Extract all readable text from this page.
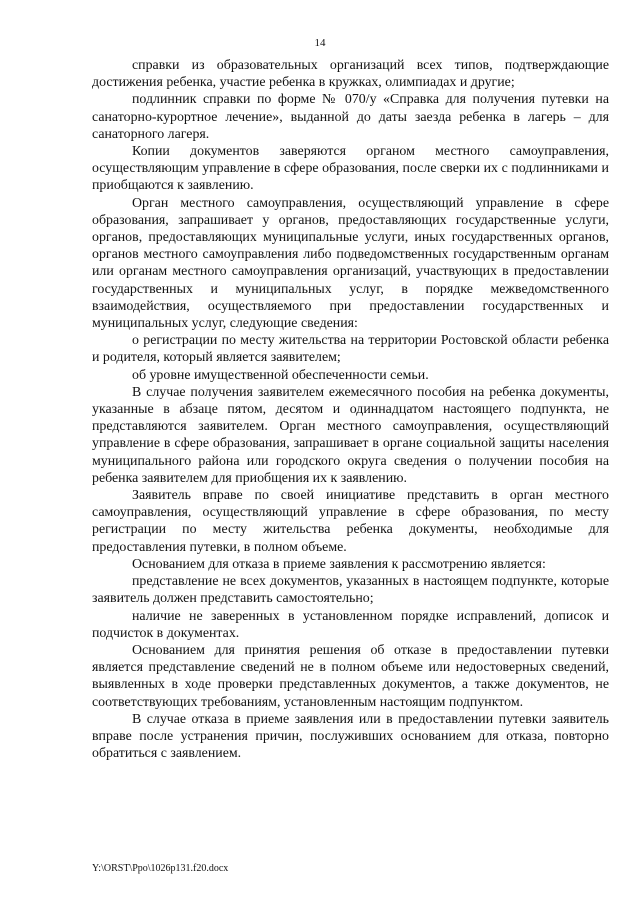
14

справки из образовательных организаций всех типов, подтверждающие достижения ребенка, участие ребенка в кружках, олимпиадах и другие;

подлинник справки по форме № 070/у «Справка для получения путевки на санаторно-курортное лечение», выданной до даты заезда ребенка в лагерь – для санаторного лагеря.

Копии документов заверяются органом местного самоуправления, осуществляющим управление в сфере образования, после сверки их с подлинниками и приобщаются к заявлению.

Орган местного самоуправления, осуществляющий управление в сфере образования, запрашивает у органов, предоставляющих государственные услуги, органов, предоставляющих муниципальные услуги, иных государственных органов, органов местного самоуправления либо подведомственных государственным органам или органам местного самоуправления организаций, участвующих в предоставлении государственных и муниципальных услуг, в порядке межведомственного взаимодействия, осуществляемого при предоставлении государственных и муниципальных услуг, следующие сведения:

о регистрации по месту жительства на территории Ростовской области ребенка и родителя, который является заявителем;

об уровне имущественной обеспеченности семьи.

В случае получения заявителем ежемесячного пособия на ребенка документы, указанные в абзаце пятом, десятом и одиннадцатом настоящего подпункта, не представляются заявителем. Орган местного самоуправления, осуществляющий управление в сфере образования, запрашивает в органе социальной защиты населения муниципального района или городского округа сведения о получении пособия на ребенка заявителем для приобщения их к заявлению.

Заявитель вправе по своей инициативе представить в орган местного самоуправления, осуществляющий управление в сфере образования, по месту регистрации по месту жительства ребенка документы, необходимые для предоставления путевки, в полном объеме.

Основанием для отказа в приеме заявления к рассмотрению является:

представление не всех документов, указанных в настоящем подпункте, которые заявитель должен представить самостоятельно;

наличие не заверенных в установленном порядке исправлений, дописок и подчисток в документах.

Основанием для принятия решения об отказе в предоставлении путевки является представление сведений не в полном объеме или недостоверных сведений, выявленных в ходе проверки представленных документов, а также документов, не соответствующих требованиям, установленным настоящим подпунктом.

В случае отказа в приеме заявления или в предоставлении путевки заявитель вправе после устранения причин, послуживших основанием для отказа, повторно обратиться с заявлением.

Y:\ORST\Ppo\1026p131.f20.docx
